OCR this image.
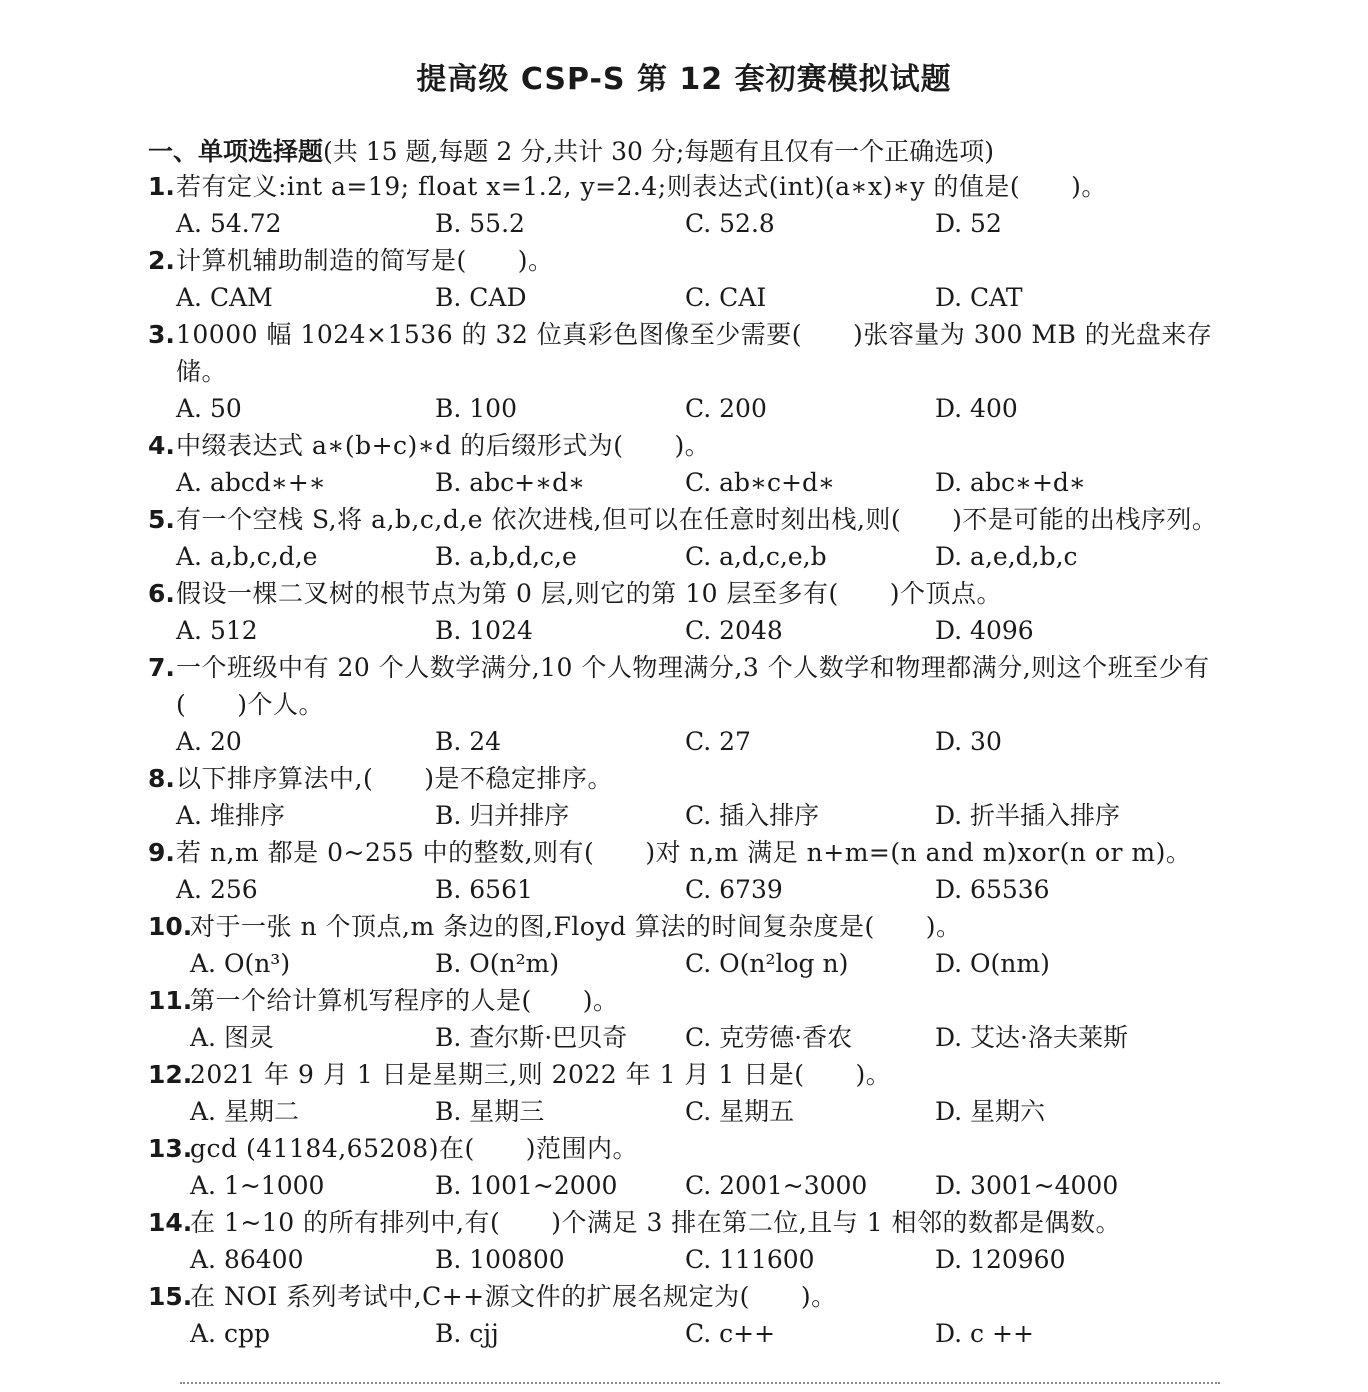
提高级 CSP-S 第 12 套初赛模拟试题
一、单项选择题(共 15 题,每题 2 分,共计 30 分;每题有且仅有一个正确选项)
1. 若有定义:int a=19; float x=1.2, y=2.4;则表达式(int)(a∗x)∗y 的值是(　　)。
A. 54.72	B. 55.2	C. 52.8	D. 52
2. 计算机辅助制造的简写是(　　)。
A. CAM	B. CAD	C. CAI	D. CAT
3. 10000 幅 1024×1536 的 32 位真彩色图像至少需要(　　)张容量为 300 MB 的光盘来存储。
A. 50	B. 100	C. 200	D. 400
4. 中缀表达式 a∗(b+c)∗d 的后缀形式为(　　)。
A. abcd∗+∗	B. abc+∗d∗	C. ab∗c+d∗	D. abc∗+d∗
5. 有一个空栈 S,将 a,b,c,d,e 依次进栈,但可以在任意时刻出栈,则(　　)不是可能的出栈序列。
A. a,b,c,d,e	B. a,b,d,c,e	C. a,d,c,e,b	D. a,e,d,b,c
6. 假设一棵二叉树的根节点为第 0 层,则它的第 10 层至多有(　　)个顶点。
A. 512	B. 1024	C. 2048	D. 4096
7. 一个班级中有 20 个人数学满分,10 个人物理满分,3 个人数学和物理都满分,则这个班至少有(　　)个人。
A. 20	B. 24	C. 27	D. 30
8. 以下排序算法中,(　　)是不稳定排序。
A. 堆排序	B. 归并排序	C. 插入排序	D. 折半插入排序
9. 若 n,m 都是 0~255 中的整数,则有(　　)对 n,m 满足 n+m=(n and m)xor(n or m)。
A. 256	B. 6561	C. 6739	D. 65536
10.
对于一张 n 个顶点,m 条边的图,Floyd 算法的时间复杂度是(　　)。
A. O(n³)	B. O(n²m)	C. O(n²log n)	D. O(nm)
11.
第一个给计算机写程序的人是(　　)。
A. 图灵	B. 查尔斯·巴贝奇 C. 克劳德·香农	D. 艾达·洛夫莱斯
12.
2021 年 9 月 1 日是星期三,则 2022 年 1 月 1 日是(　　)。
A. 星期二	B. 星期三	C. 星期五	D. 星期六
13.
gcd (41184,65208)在(　　)范围内。
A. 1~1000	B. 1001~2000	C. 2001~3000	D. 3001~4000
14.
在 1~10 的所有排列中,有(　　)个满足 3 排在第二位,且与 1 相邻的数都是偶数。
A. 86400	B. 100800	C. 111600	D. 120960
15.
在 NOI 系列考试中,C++源文件的扩展名规定为(　　)。
A. cpp	B. cjj	C. c++	D. c ++
